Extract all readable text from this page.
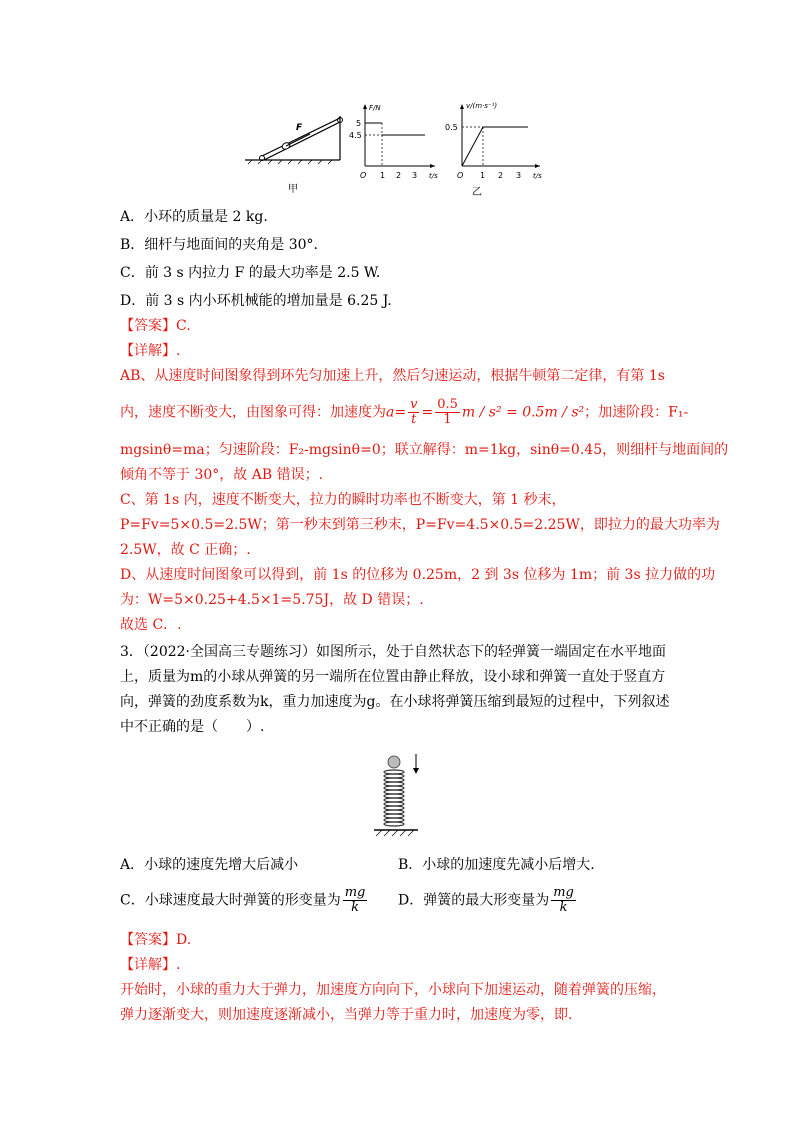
F
甲
F/N
t/s
O 1 2 3
5
4.5
v/(m·s⁻¹)
t/s
O 1 2 3
0.5
乙
A．小环的质量是 2 kg.
B．细杆与地面间的夹角是 30°.
C．前 3 s 内拉力 F 的最大功率是 2.5 W.
D．前 3 s 内小环机械能的增加量是 6.25 J.
【答案】C.
【详解】.
AB、从速度时间图象得到环先匀加速上升，然后匀速运动，根据牛顿第二定律，有第 1s
内，速度不断变大，由图象可得：加速度为$a= \frac{v}{t} = \frac{0.5}{1}$ m / s² = 0.5m / s²；加速阶段：F₁-
mgsinθ=ma；匀速阶段：F₂-mgsinθ=0；联立解得：m=1kg，sinθ=0.45，则细杆与地面间的
倾角不等于 30°，故 AB 错误；.
C、第 1s 内，速度不断变大，拉力的瞬时功率也不断变大，第 1 秒末，
P=Fv=5×0.5=2.5W；第一秒末到第三秒末，P=Fv=4.5×0.5=2.25W，即拉力的最大功率为
2.5W，故 C 正确；.
D、从速度时间图象可以得到，前 1s 的位移为 0.25m，2 到 3s 位移为 1m；前 3s 拉力做的功
为：W=5×0.25+4.5×1=5.75J，故 D 错误；.
故选 C．.
3．（2022·全国高三专题练习）如图所示，处于自然状态下的轻弹簧一端固定在水平地面
上，质量为m的小球从弹簧的另一端所在位置由静止释放，设小球和弹簧一直处于竖直方
向，弹簧的劲度系数为k，重力加速度为g。在小球将弹簧压缩到最短的过程中，下列叙述
中不正确的是（　　）.
A．小球的速度先增大后减小	B．小球的加速度先减小后增大.
C．小球速度最大时弹簧的形变量为 $\frac{mg}{k}$ D．弹簧的最大形变量为 $\frac{mg}{k}$
【答案】D.
【详解】.
开始时，小球的重力大于弹力，加速度方向向下，小球向下加速运动，随着弹簧的压缩，
弹力逐渐变大，则加速度逐渐减小，当弹力等于重力时，加速度为零，即.
